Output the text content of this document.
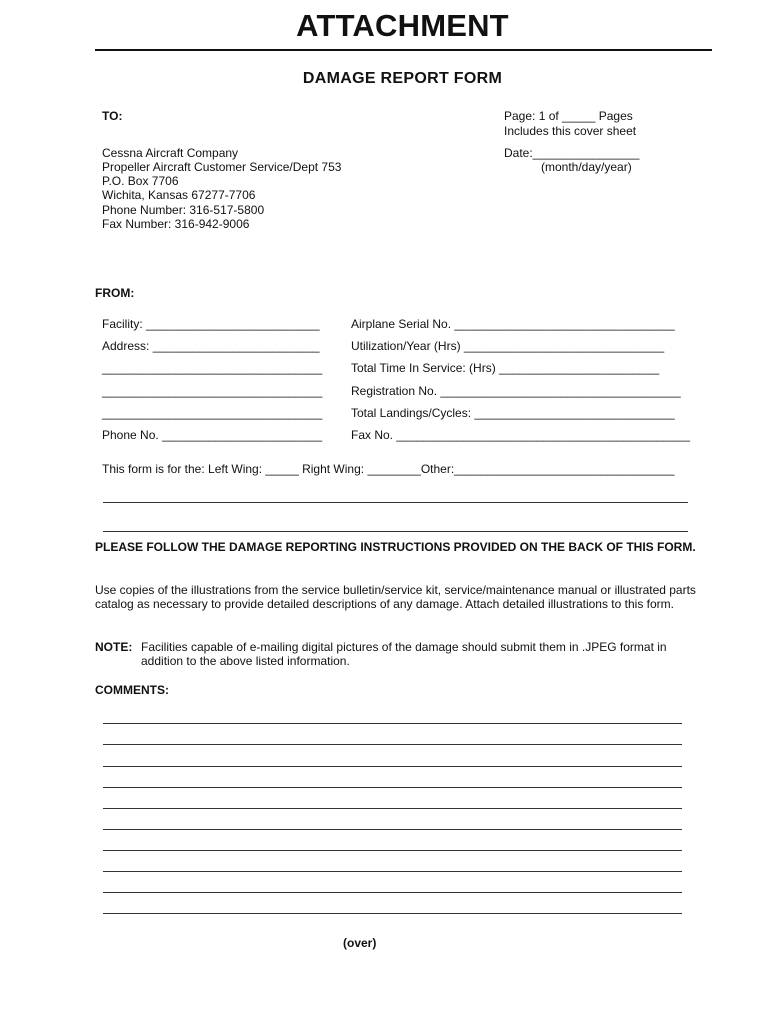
ATTACHMENT
DAMAGE REPORT FORM
TO:	Page: 1 of _____ Pages
Includes this cover sheet
Date:________________
(month/day/year)
Cessna Aircraft Company
Propeller Aircraft Customer Service/Dept 753
P.O. Box 7706
Wichita, Kansas 67277-7706
Phone Number: 316-517-5800
Fax Number: 316-942-9006
FROM:
Facility: __________________________
Address: _________________________
_________________________________
_________________________________
_________________________________
Phone No. ________________________
Airplane Serial No. _________________________________
Utilization/Year (Hrs) ______________________________
Total Time In Service: (Hrs) ________________________
Registration No. ____________________________________
Total Landings/Cycles: ______________________________
Fax No. ____________________________________________
This form is for the: Left Wing: _____ Right Wing: ________Other:_________________________________
PLEASE FOLLOW THE DAMAGE REPORTING INSTRUCTIONS PROVIDED ON THE BACK OF THIS FORM.
Use copies of the illustrations from the service bulletin/service kit, service/maintenance manual or illustrated parts catalog as necessary to provide detailed descriptions of any damage. Attach detailed illustrations to this form.
NOTE: Facilities capable of e-mailing digital pictures of the damage should submit them in .JPEG format in
addition to the above listed information.
COMMENTS:
(over)
